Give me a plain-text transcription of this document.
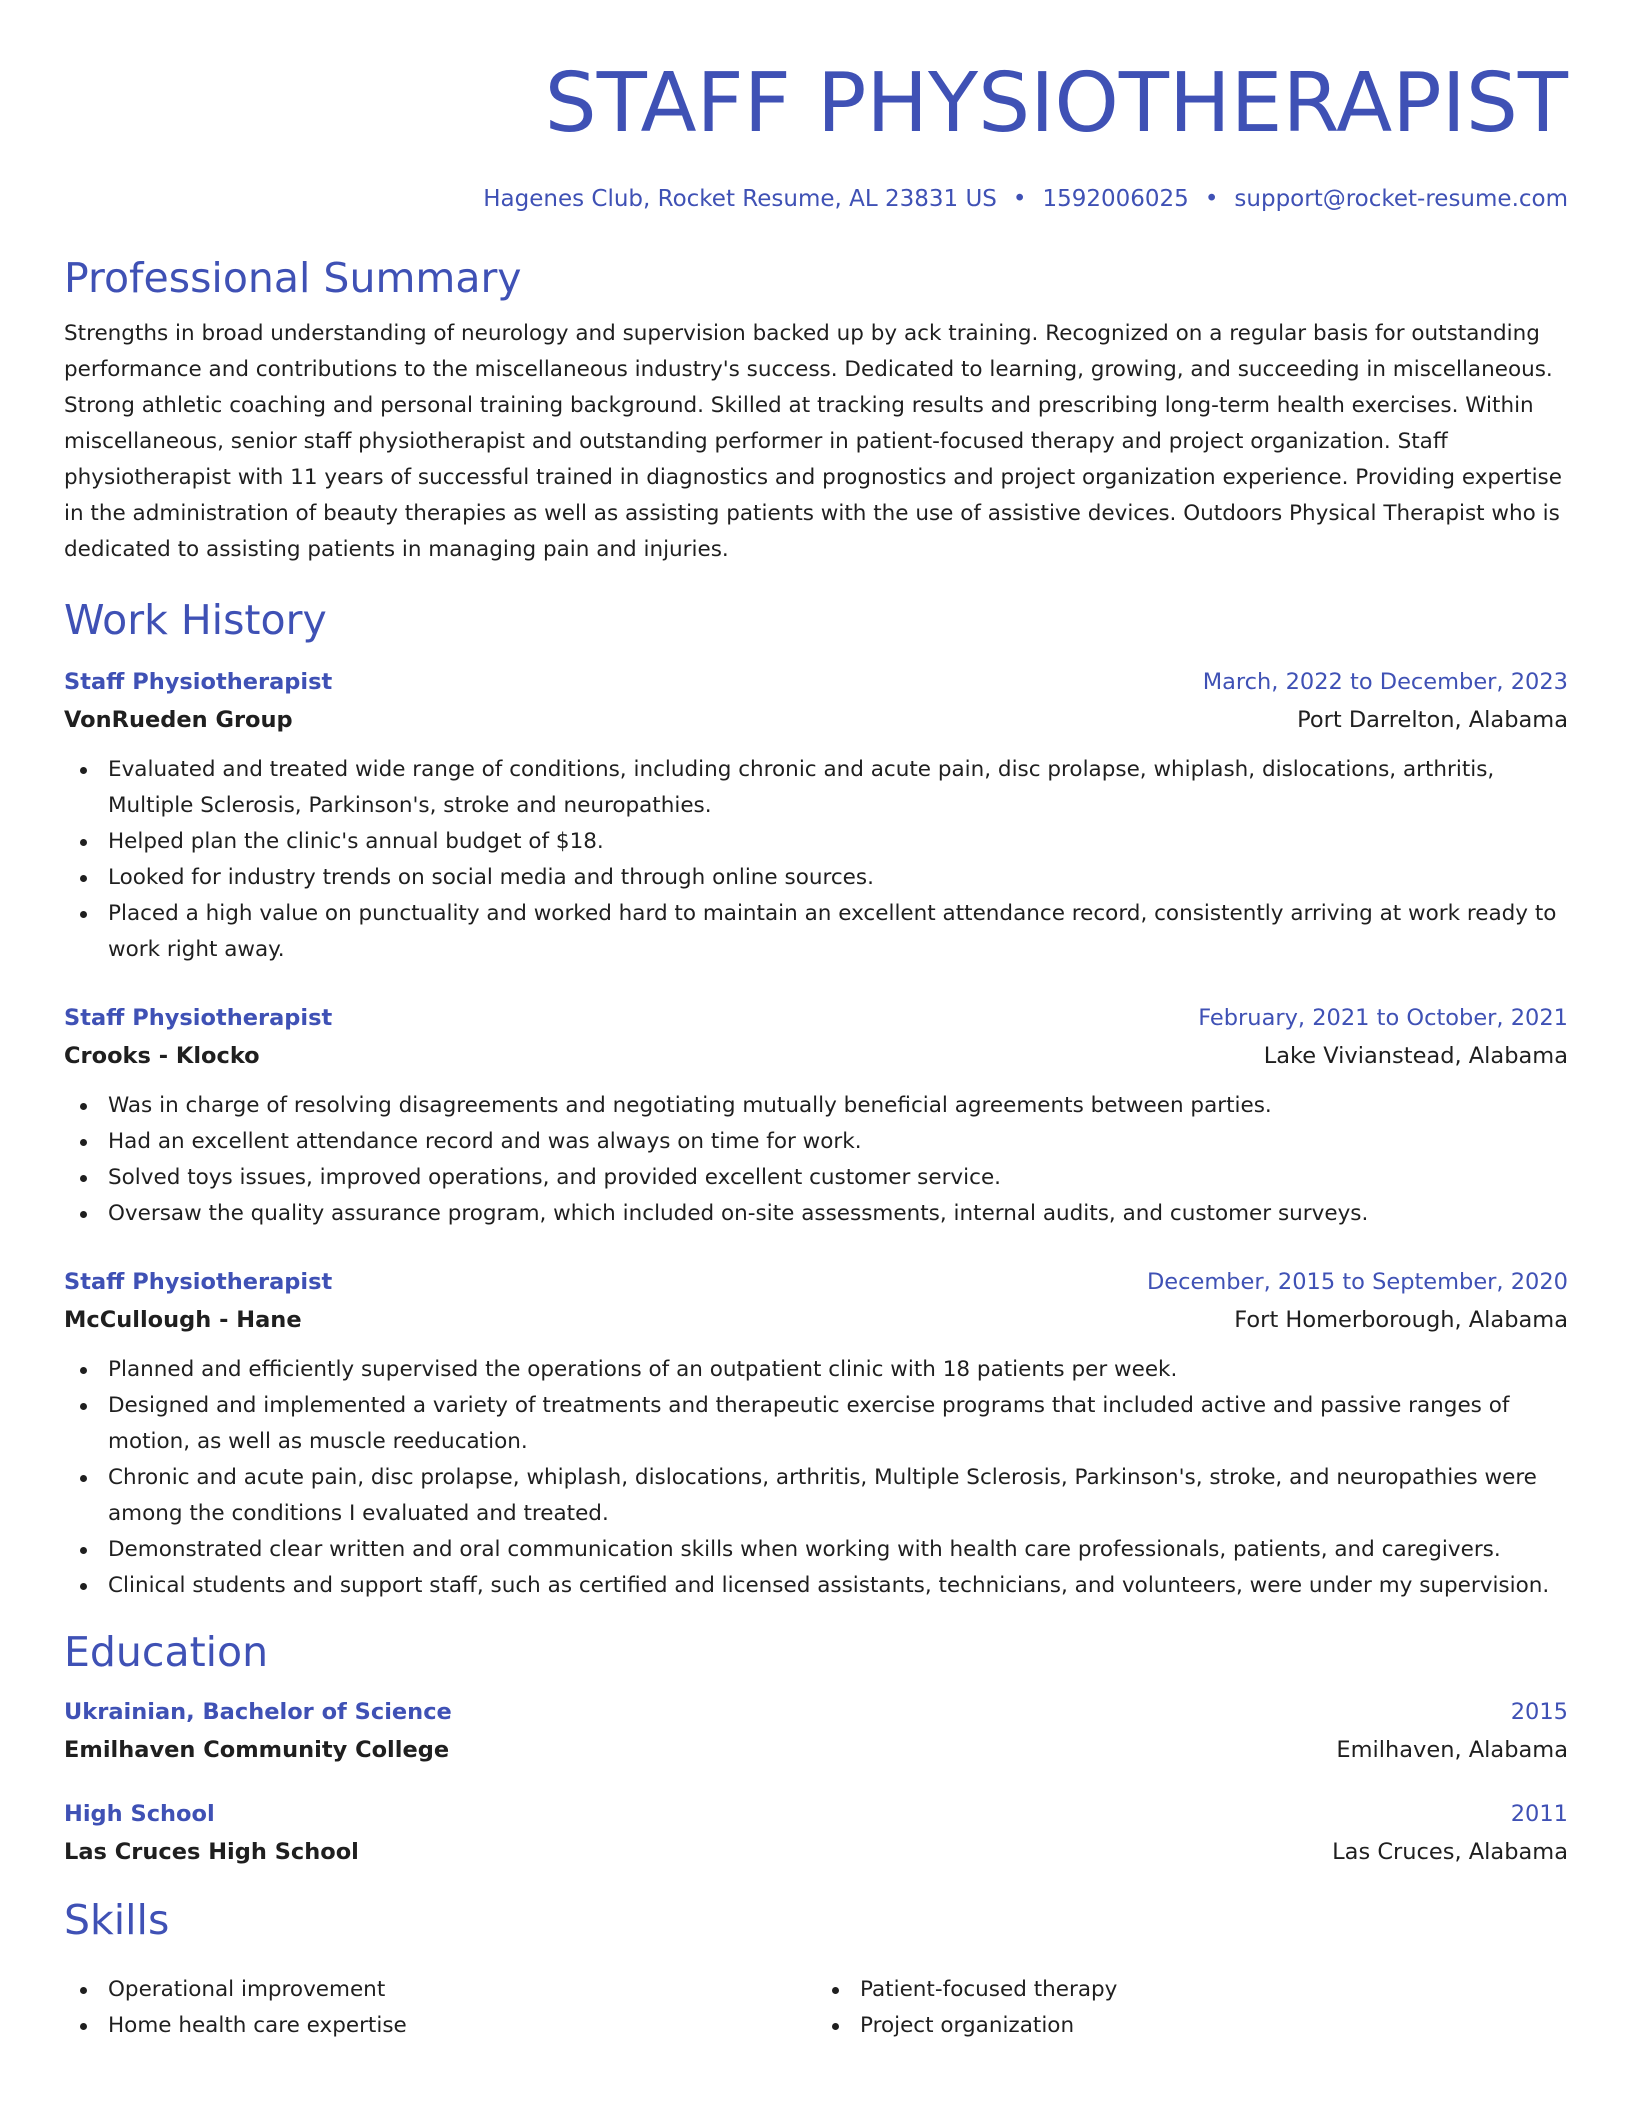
STAFF PHYSIOTHERAPIST
Hagenes Club, Rocket Resume, AL 23831 US • 1592006025 • support@rocket-resume.com
Professional Summary

Strengths in broad understanding of neurology and supervision backed up by ack training. Recognized on a regular basis for outstanding performance and contributions to the miscellaneous industry's success. Dedicated to learning, growing, and succeeding in miscellaneous. Strong athletic coaching and personal training background. Skilled at tracking results and prescribing long-term health exercises. Within miscellaneous, senior staff physiotherapist and outstanding performer in patient-focused therapy and project organization. Staff physiotherapist with 11 years of successful trained in diagnostics and prognostics and project organization experience. Providing expertise in the administration of beauty therapies as well as assisting patients with the use of assistive devices. Outdoors Physical Therapist who is dedicated to assisting patients in managing pain and injuries.

Work History
Staff Physiotherapist	March, 2022 to December, 2023
VonRueden Group	Port Darrelton, Alabama
Evaluated and treated wide range of conditions, including chronic and acute pain, disc prolapse, whiplash, dislocations, arthritis, Multiple Sclerosis, Parkinson's, stroke and neuropathies.
Helped plan the clinic's annual budget of $18.
Looked for industry trends on social media and through online sources.
Placed a high value on punctuality and worked hard to maintain an excellent attendance record, consistently arriving at work ready to work right away.
Staff Physiotherapist	February, 2021 to October, 2021
Crooks - Klocko	Lake Vivianstead, Alabama
Was in charge of resolving disagreements and negotiating mutually beneficial agreements between parties.
Had an excellent attendance record and was always on time for work.
Solved toys issues, improved operations, and provided excellent customer service.
Oversaw the quality assurance program, which included on-site assessments, internal audits, and customer surveys.
Staff Physiotherapist	December, 2015 to September, 2020
McCullough - Hane	Fort Homerborough, Alabama
Planned and efficiently supervised the operations of an outpatient clinic with 18 patients per week.
Designed and implemented a variety of treatments and therapeutic exercise programs that included active and passive ranges of motion, as well as muscle reeducation.
Chronic and acute pain, disc prolapse, whiplash, dislocations, arthritis, Multiple Sclerosis, Parkinson's, stroke, and neuropathies were among the conditions I evaluated and treated.
Demonstrated clear written and oral communication skills when working with health care professionals, patients, and caregivers.
Clinical students and support staff, such as certified and licensed assistants, technicians, and volunteers, were under my supervision.
Education
Ukrainian, Bachelor of Science	2015
Emilhaven Community College	Emilhaven, Alabama
High School	2011
Las Cruces High School	Las Cruces, Alabama
Skills
Operational improvement
Home health care expertise
Patient-focused therapy
Project organization
